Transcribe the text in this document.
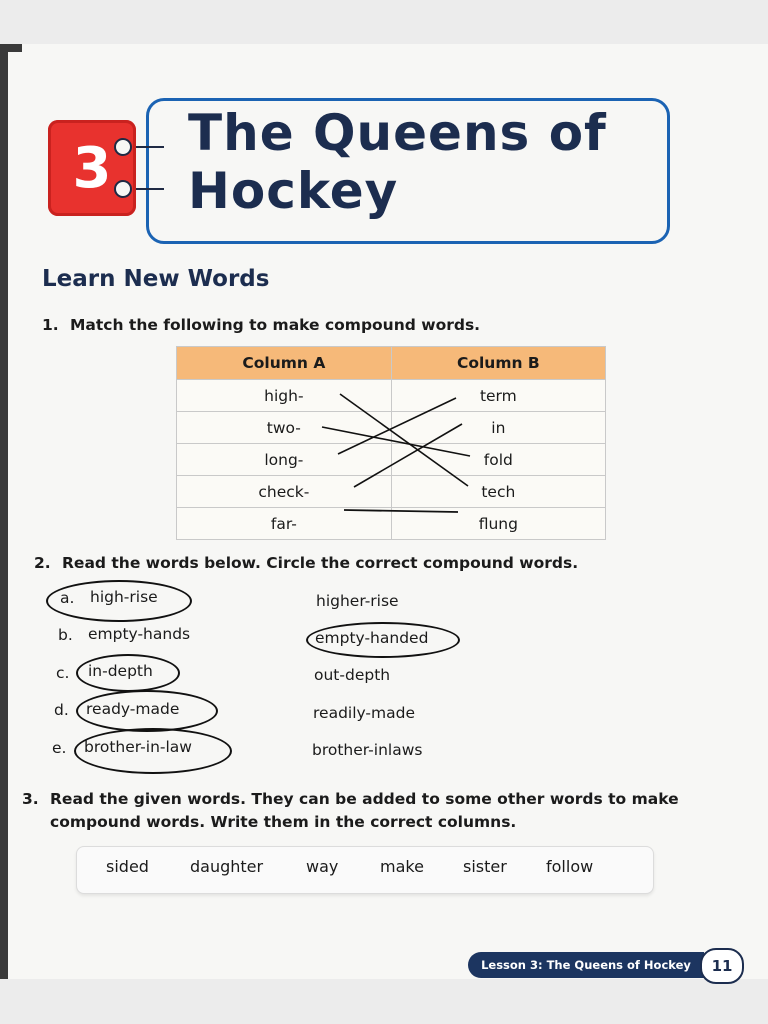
3
The Queens of
Hockey
Learn New Words
1. Match the following to make compound words.
Column A	Column B
high-	term
two-	in
long-	fold
check-	tech
far-	flung
2. Read the words below. Circle the correct compound words.
a. high-rise	higher-rise
b. empty-hands	empty-handed
c. in-depth	out-depth
d. ready-made	readily-made
e. brother-in-law	brother-inlaws
3. Read the given words. They can be added to some other words to make
compound words. Write them in the correct columns.
sided	daughter	way	make sister follow
Lesson 3: The Queens of Hockey	11
